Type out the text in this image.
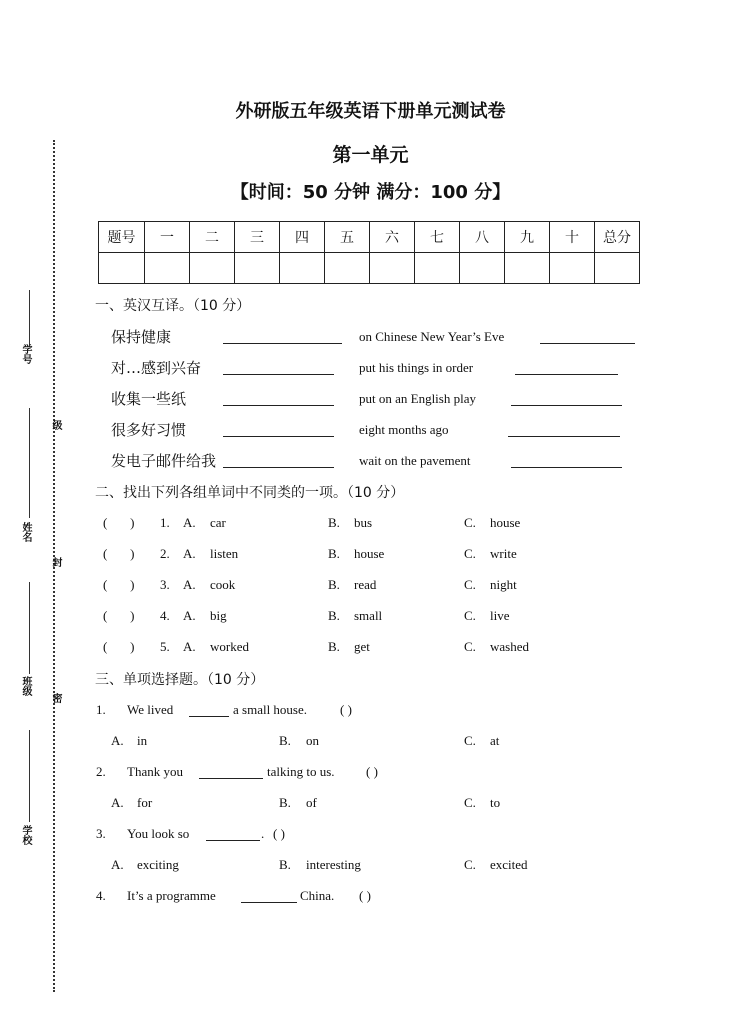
外研版五年级英语下册单元测试卷
第一单元
【时间：50 分钟 满分：100 分】
题号	一	二	三	四	五	六	七	八	九	十	总分

学号
级
姓名
封
班级
密
学校
一、英汉互译。（10 分）
保持健康	on Chinese New Year’s Eve
对…感到兴奋	put his things in order
收集一些纸	put on an English play
很多好习惯	eight months ago
发电子邮件给我	wait on the pavement
二、找出下列各组单词中不同类的一项。（10 分）
(       ) 1. A. car	B. bus	C. house
(       ) 2. A. listen	B. house	C. write
(       ) 3. A. cook	B. read	C. night
(       ) 4. A. big	B. small	C. live
(       ) 5. A. worked	B. get	C. washed
三、单项选择题。（10 分）
1. We lived	a small house.	( )
A. in	B. on	C. at
2. Thank you	talking to us. ( )
A. for	B. of	C. to
3. You look so	. ( )
A. exciting	B. interesting	C. excited
4. It’s a programme	China. ( )
